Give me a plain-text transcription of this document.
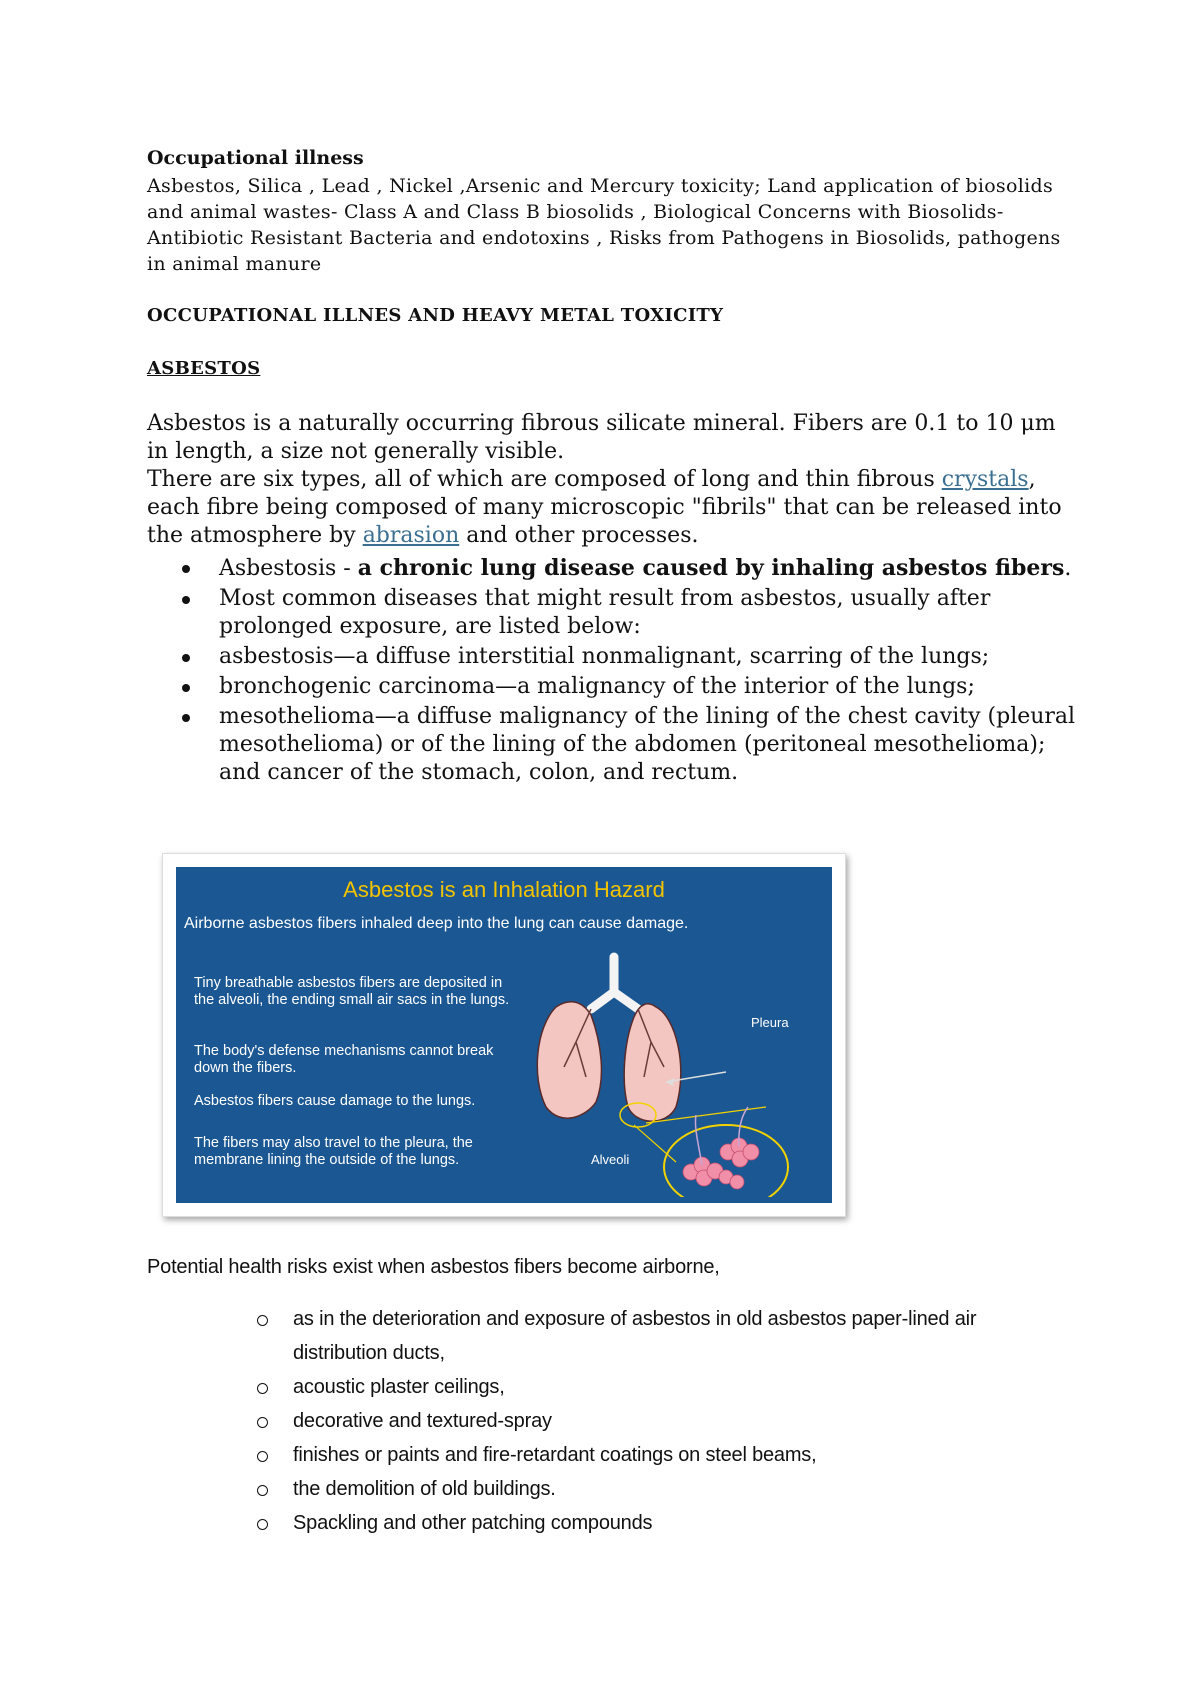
Occupational illness
Asbestos, Silica , Lead , Nickel ,Arsenic and Mercury toxicity; Land application of biosolids and animal wastes- Class A and Class B biosolids , Biological Concerns with Biosolids-Antibiotic Resistant Bacteria and endotoxins , Risks from Pathogens in Biosolids, pathogens in animal manure
OCCUPATIONAL ILLNES AND HEAVY METAL TOXICITY
ASBESTOS
Asbestos is a naturally occurring fibrous silicate mineral. Fibers are 0.1 to 10 μm in length, a size not generally visible.
There are six types, all of which are composed of long and thin fibrous crystals, each fibre being composed of many microscopic "fibrils" that can be released into the atmosphere by abrasion and other processes.
Asbestosis - a chronic lung disease caused by inhaling asbestos fibers.
Most common diseases that might result from asbestos, usually after prolonged exposure, are listed below:
asbestosis—a diffuse interstitial nonmalignant, scarring of the lungs;
bronchogenic carcinoma—a malignancy of the interior of the lungs;
mesothelioma—a diffuse malignancy of the lining of the chest cavity (pleural mesothelioma) or of the lining of the abdomen (peritoneal mesothelioma); and cancer of the stomach, colon, and rectum.
Asbestos is an Inhalation Hazard
Airborne asbestos fibers inhaled deep into the lung can cause damage.
Tiny breathable asbestos fibers are deposited in the alveoli, the ending small air sacs in the lungs.
The body's defense mechanisms cannot break down the fibers.
Asbestos fibers cause damage to the lungs.
The fibers may also travel to the pleura, the membrane lining the outside of the lungs.
Pleura
Alveoli
Potential health risks exist when asbestos fibers become airborne,
as in the deterioration and exposure of asbestos in old asbestos paper-lined air distribution ducts,
acoustic plaster ceilings,
decorative and textured-spray
finishes or paints and fire-retardant coatings on steel beams,
the demolition of old buildings.
Spackling and other patching compounds
